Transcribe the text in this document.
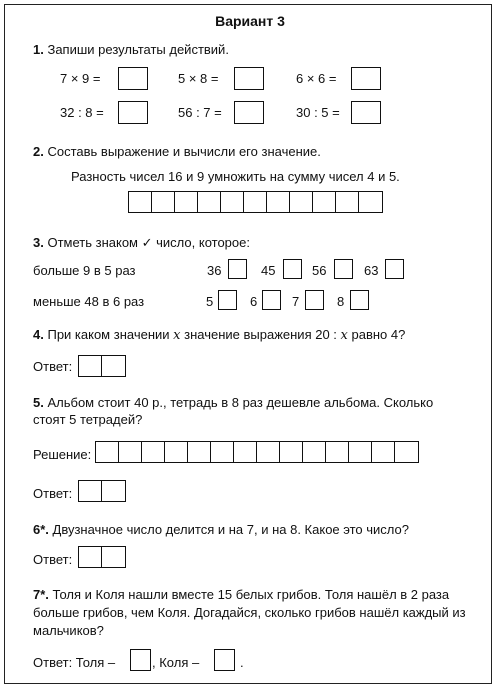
Вариант 3
1. Запиши результаты действий.
7 × 9 =	5 × 8 =	6 × 6 =
32 : 8 =	56 : 7 =	30 : 5 =
2. Составь выражение и вычисли его значение.
Разность чисел 16 и 9 умножить на сумму чисел 4 и 5.
3. Отметь знаком ✓ число, которое:
больше 9 в 5 раз	36	45	56	63
меньше 48 в 6 раз	5	6	7	8
4. При каком значении x значение выражения 20 : x равно 4?
Ответ:
5. Альбом стоит 40 р., тетрадь в 8 раз дешевле альбома. Сколько
стоят 5 тетрадей?
Решение:
Ответ:
6*. Двузначное число делится и на 7, и на 8. Какое это число?
Ответ:
7*. Толя и Коля нашли вместе 15 белых грибов. Толя нашёл в 2 раза
больше грибов, чем Коля. Догадайся, сколько грибов нашёл каждый из
мальчиков?
Ответ: Толя –	, Коля –	.
